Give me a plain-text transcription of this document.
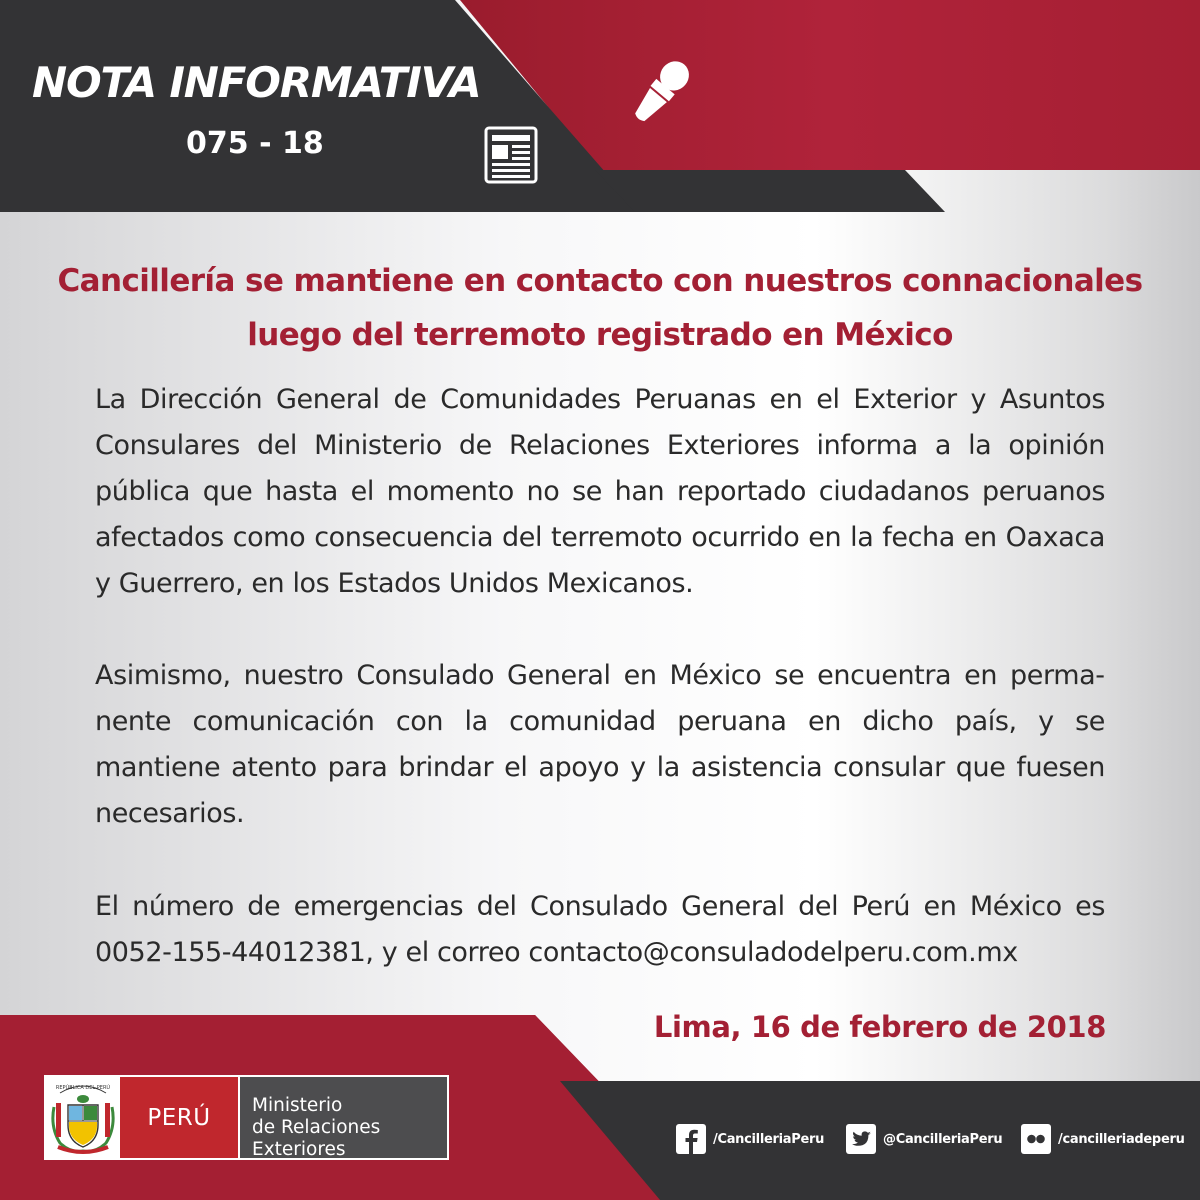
NOTA INFORMATIVA
075 - 18
Cancillería se mantiene en contacto con nuestros connacionales
luego del terremoto registrado en México

La Dirección General de Comunidades Peruanas en el Exterior y Asuntos Consulares del Ministerio de Relaciones Exteriores informa a la opinión pública que hasta el momento no se han reportado ciudadanos peruanos afectados como consecuencia del terremoto ocurrido en la fecha en Oaxaca y Guerrero, en los Estados Unidos Mexicanos.

Asimismo, nuestro Consulado General en México se encuentra en permanente comunicación con la comunidad peruana en dicho país, y se mantiene atento para brindar el apoyo y la asistencia consular que fuesen necesarios.

El número de emergencias del Consulado General del Perú en México es 0052-155-44012381, y el correo contacto@consuladodelperu.com.mx

Lima, 16 de febrero de 2018
REPÚBLICA DEL PERÚ
PERÚ	Ministerio
de Relaciones Exteriores	/CancilleriaPeru	@CancilleriaPeru	/cancilleriadeperu
